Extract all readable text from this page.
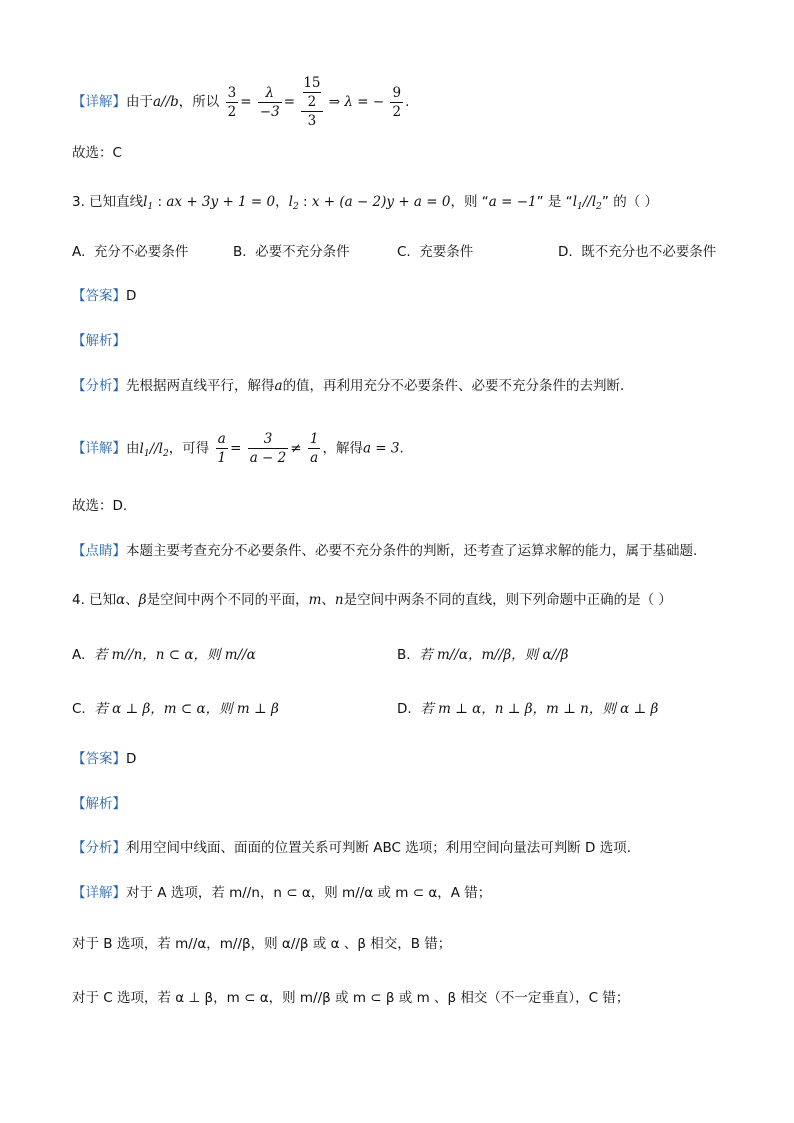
【详解】由于a//b，所以 $\frac{3}{2} = \frac{\lambda}{-3} = 15$
2
3 ⇒ λ = − $\frac{9}{2}$ .
故选：C
3. 已知直线$l_1$ : ax + 3y + 1 = 0，$l_2$ : x + (a − 2)y + a = 0，则 “a = −1” 是 “$l_1//l_2$” 的（ ）
A. 充分不必要条件	B. 必要不充分条件	C. 充要条件	D. 既不充分也不必要条件
【答案】D
【解析】
【分析】先根据两直线平行，解得a的值，再利用充分不必要条件、必要不充分条件的去判断.
【详解】由$l_1//l_2$，可得 $\frac{a}{1} = \frac{3}{a - 2} \ne \frac{1}{a}$ ，解得a = 3.
故选：D.
【点睛】本题主要考查充分不必要条件、必要不充分条件的判断，还考查了运算求解的能力，属于基础题.
4. 已知α、β是空间中两个不同的平面，m、n是空间中两条不同的直线，则下列命题中正确的是（ ）
A. 若 m//n，n ⊂ α，则 m//α	B. 若 m//α，m//β，则 α//β
C. 若 α ⊥ β，m ⊂ α，则 m ⊥ β	D. 若 m ⊥ α，n ⊥ β，m ⊥ n，则 α ⊥ β
【答案】D
【解析】
【分析】利用空间中线面、面面的位置关系可判断 ABC 选项；利用空间向量法可判断 D 选项.
【详解】对于 A 选项，若 m//n，n ⊂ α，则 m//α 或 m ⊂ α，A 错；
对于 B 选项，若 m//α，m//β，则 α//β 或 α 、β 相交，B 错；
对于 C 选项，若 α ⊥ β，m ⊂ α，则 m//β 或 m ⊂ β 或 m 、β 相交（不一定垂直），C 错；
